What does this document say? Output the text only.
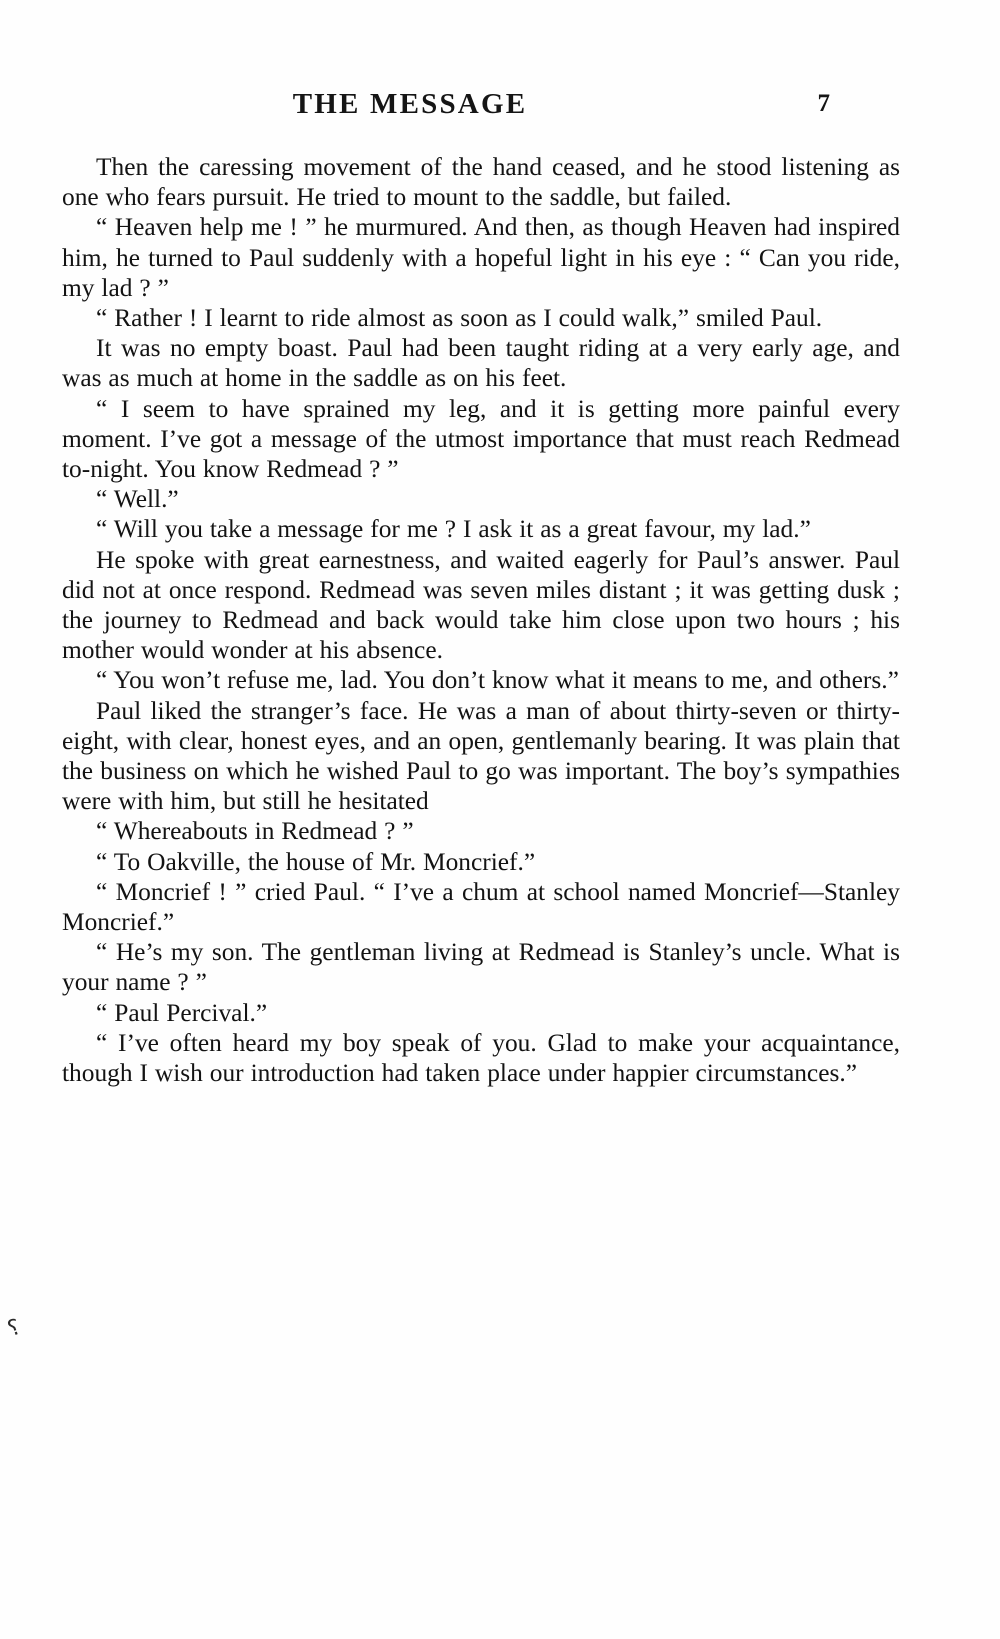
THE MESSAGE	7
⸮

Then the caressing movement of the hand ceased, and he stood listening as one who fears pursuit. He tried to mount to the saddle, but failed.

“ Heaven help me ! ” he murmured. And then, as though Heaven had inspired him, he turned to Paul suddenly with a hopeful light in his eye : “ Can you ride, my lad ? ”

“ Rather ! I learnt to ride almost as soon as I could walk,” smiled Paul.

It was no empty boast. Paul had been taught riding at a very early age, and was as much at home in the saddle as on his feet.

“ I seem to have sprained my leg, and it is getting more painful every moment. I’ve got a message of the utmost importance that must reach Redmead to-night. You know Redmead ? ”

“ Well.”

“ Will you take a message for me ? I ask it as a great favour, my lad.”

He spoke with great earnestness, and waited eagerly for Paul’s answer. Paul did not at once respond. Redmead was seven miles distant ; it was getting dusk ; the journey to Redmead and back would take him close upon two hours ; his mother would wonder at his absence.

“ You won’t refuse me, lad. You don’t know what it means to me, and others.”

Paul liked the stranger’s face. He was a man of about thirty-seven or thirty-eight, with clear, honest eyes, and an open, gentlemanly bearing. It was plain that the business on which he wished Paul to go was important. The boy’s sympathies were with him, but still he hesitated

“ Whereabouts in Redmead ? ”

“ To Oakville, the house of Mr. Moncrief.”

“ Moncrief ! ” cried Paul. “ I’ve a chum at school named Moncrief—Stanley Moncrief.”

“ He’s my son. The gentleman living at Redmead is Stanley’s uncle. What is your name ? ”

“ Paul Percival.”

“ I’ve often heard my boy speak of you. Glad to make your acquaintance, though I wish our introduction had taken place under happier circumstances.”
